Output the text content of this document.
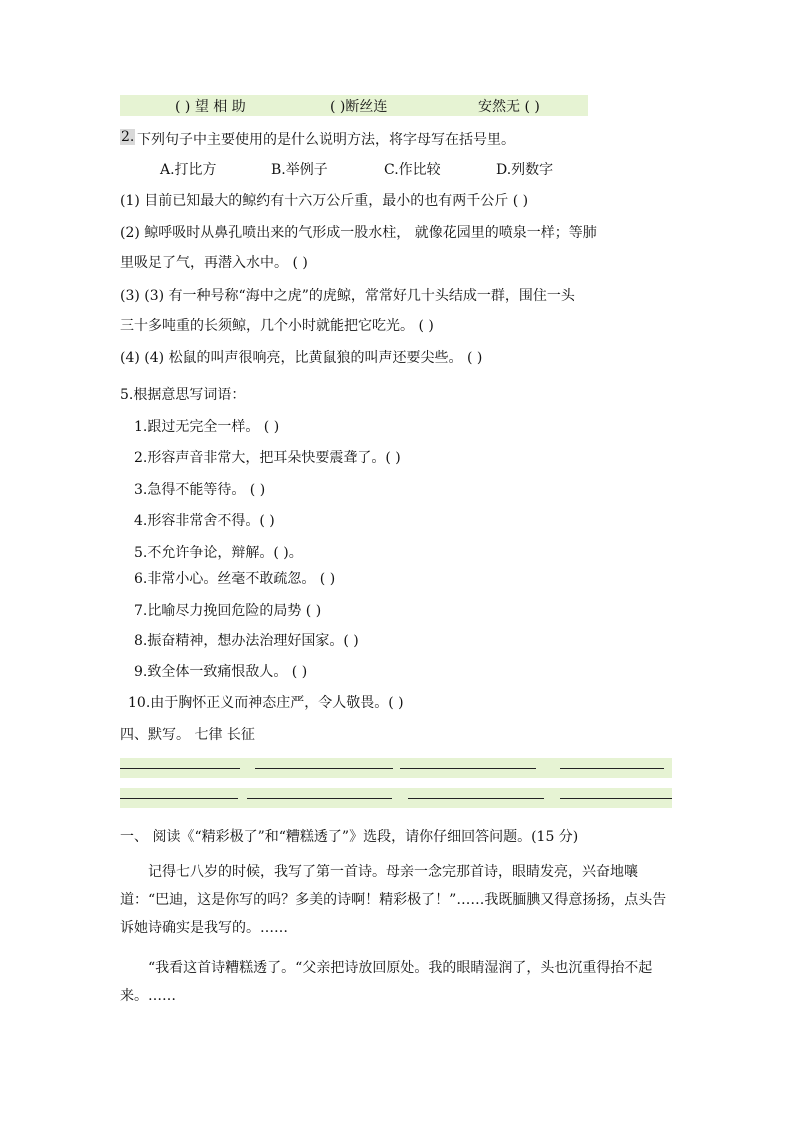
( ) 望 相 助	( )断丝连	安然无 ( )
2. 下列句子中主要使用的是什么说明方法，将字母写在括号里。
A.打比方	B.举例子	C.作比较	D.列数字
(1) 目前已知最大的鲸约有十六万公斤重，最小的也有两千公斤 ( )
(2) 鲸呼吸时从鼻孔喷出来的气形成一股水柱， 就像花园里的喷泉一样；等肺
里吸足了气，再潜入水中。 ( )
(3) (3) 有一种号称“海中之虎”的虎鲸，常常好几十头结成一群，围住一头
三十多吨重的长须鲸，几个小时就能把它吃光。 ( )
(4) (4) 松鼠的叫声很响亮，比黄鼠狼的叫声还要尖些。 ( )
5.根据意思写词语：
1.跟过无完全一样。 ( )
2.形容声音非常大，把耳朵快要震聋了。( )
3.急得不能等待。 ( )
4.形容非常舍不得。( )
5.不允许争论，辩解。( )。
6.非常小心。丝毫不敢疏忽。 ( )
7.比喻尽力挽回危险的局势 ( )
8.振奋精神，想办法治理好国家。( )
9.致全体一致痛恨敌人。 ( )
10.由于胸怀正义而神态庄严，令人敬畏。( )
四、默写。 七律 长征
一、 阅读《“精彩极了”和“糟糕透了”》选段，请你仔细回答问题。(15 分)
记得七八岁的时候，我写了第一首诗。母亲一念完那首诗，眼睛发亮，兴奋地嚷道：“巴迪，这是你写的吗？多美的诗啊！精彩极了！”……我既腼腆又得意扬扬，点头告诉她诗确实是我写的。……
“我看这首诗糟糕透了。“父亲把诗放回原处。我的眼睛湿润了，头也沉重得抬不起来。……
